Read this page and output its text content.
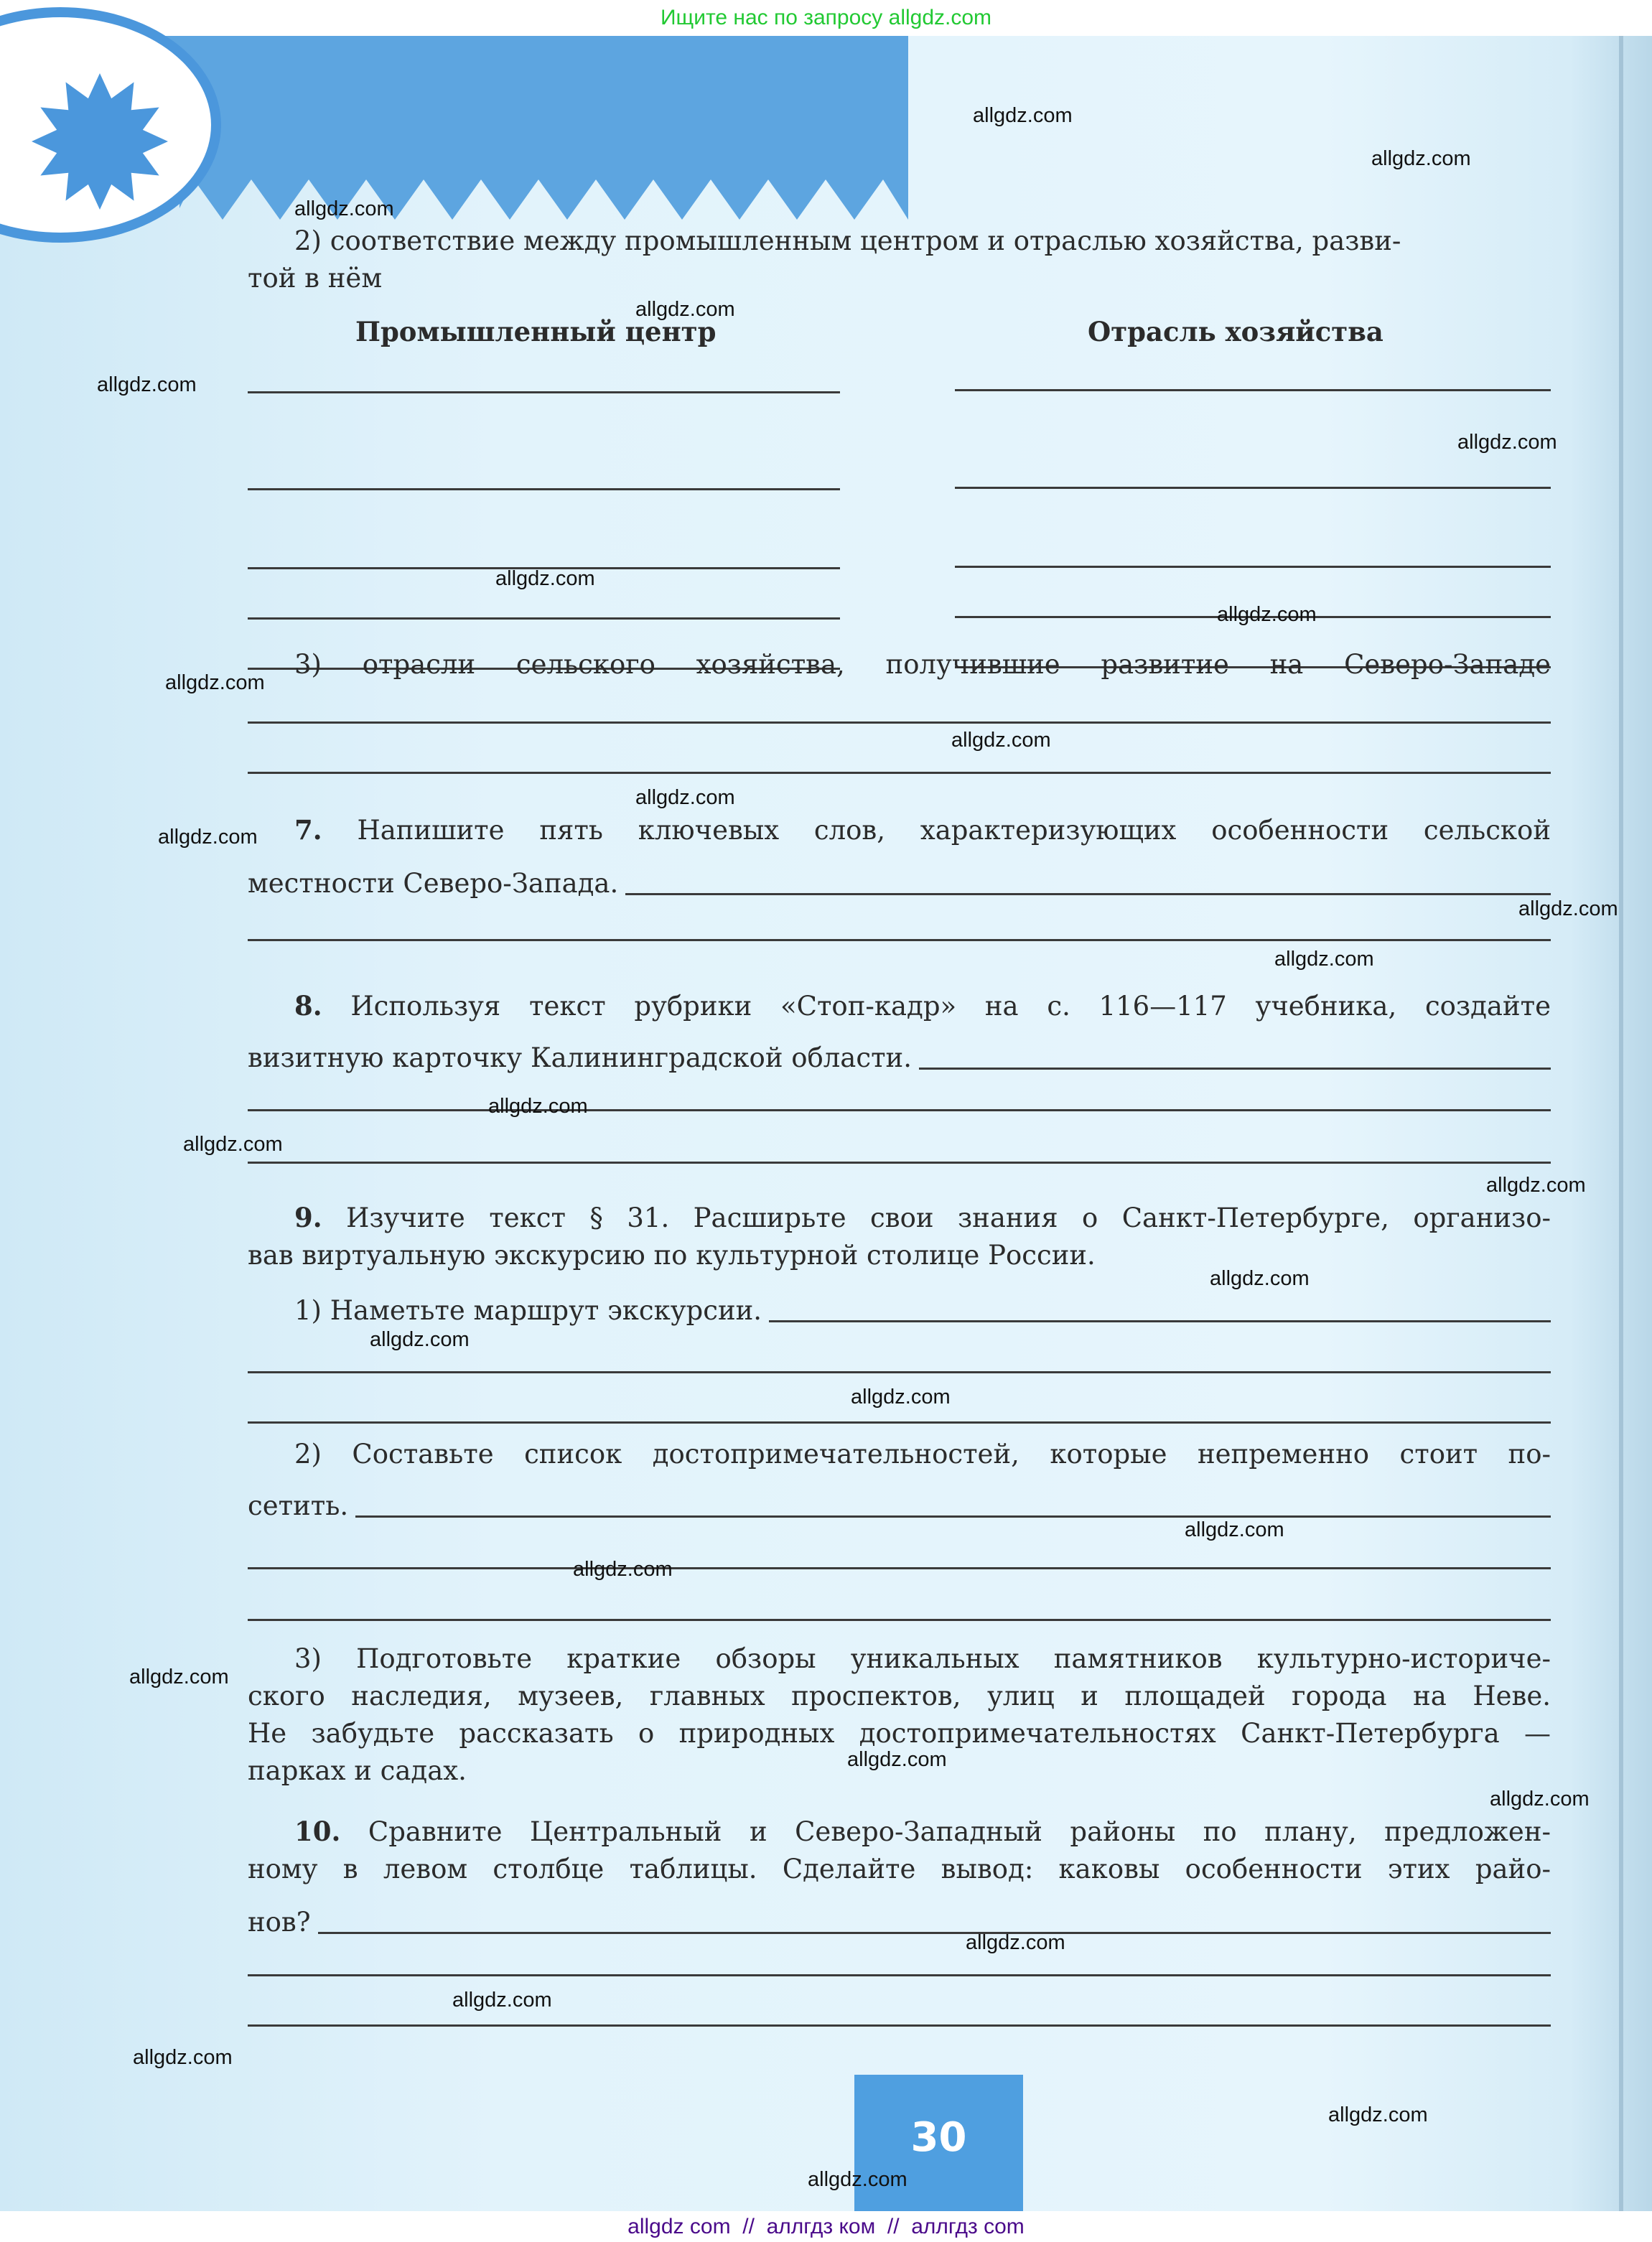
Ищите нас по запросу allgdz.com
2) соответствие между промышленным центром и отраслью хозяйства, разви-
той в нём
Промышленный центр	Отрасль хозяйства
3) отрасли сельского хозяйства, получившие развитие на Северо-Западе
7. Напишите пять ключевых слов, характеризующих особенности сельской
местности Северо-Запада.
8. Используя текст рубрики «Стоп-кадр» на с. 116—117 учебника, создайте
визитную карточку Калининградской области.
9. Изучите текст § 31. Расширьте свои знания о Санкт-Петербурге, организо-
вав виртуальную экскурсию по культурной столице России.
1) Наметьте маршрут экскурсии.
2) Составьте список достопримечательностей, которые непременно стоит по-
сетить.
3) Подготовьте краткие обзоры уникальных памятников культурно-историче-
ского наследия, музеев, главных проспектов, улиц и площадей города на Неве.
Не забудьте рассказать о природных достопримечательностях Санкт-Петербурга —
парках и садах.
10. Сравните Центральный и Северо-Западный районы по плану, предложен-
ному в левом столбце таблицы. Сделайте вывод: каковы особенности этих райо-
нов?
allgdz.com
allgdz.com
allgdz.com
allgdz.com
allgdz.com
allgdz.com
allgdz.com
allgdz.com
allgdz.com
allgdz.com
allgdz.com
allgdz.com
allgdz.com
allgdz.com
allgdz.com
allgdz.com
allgdz.com
allgdz.com
allgdz.com
allgdz.com
allgdz.com
allgdz.com
allgdz.com
allgdz.com
allgdz.com
allgdz.com
allgdz.com
allgdz.com
allgdz.com
30
allgdz.com
allgdz com  //  аллгдз ком  //  аллгдз com
